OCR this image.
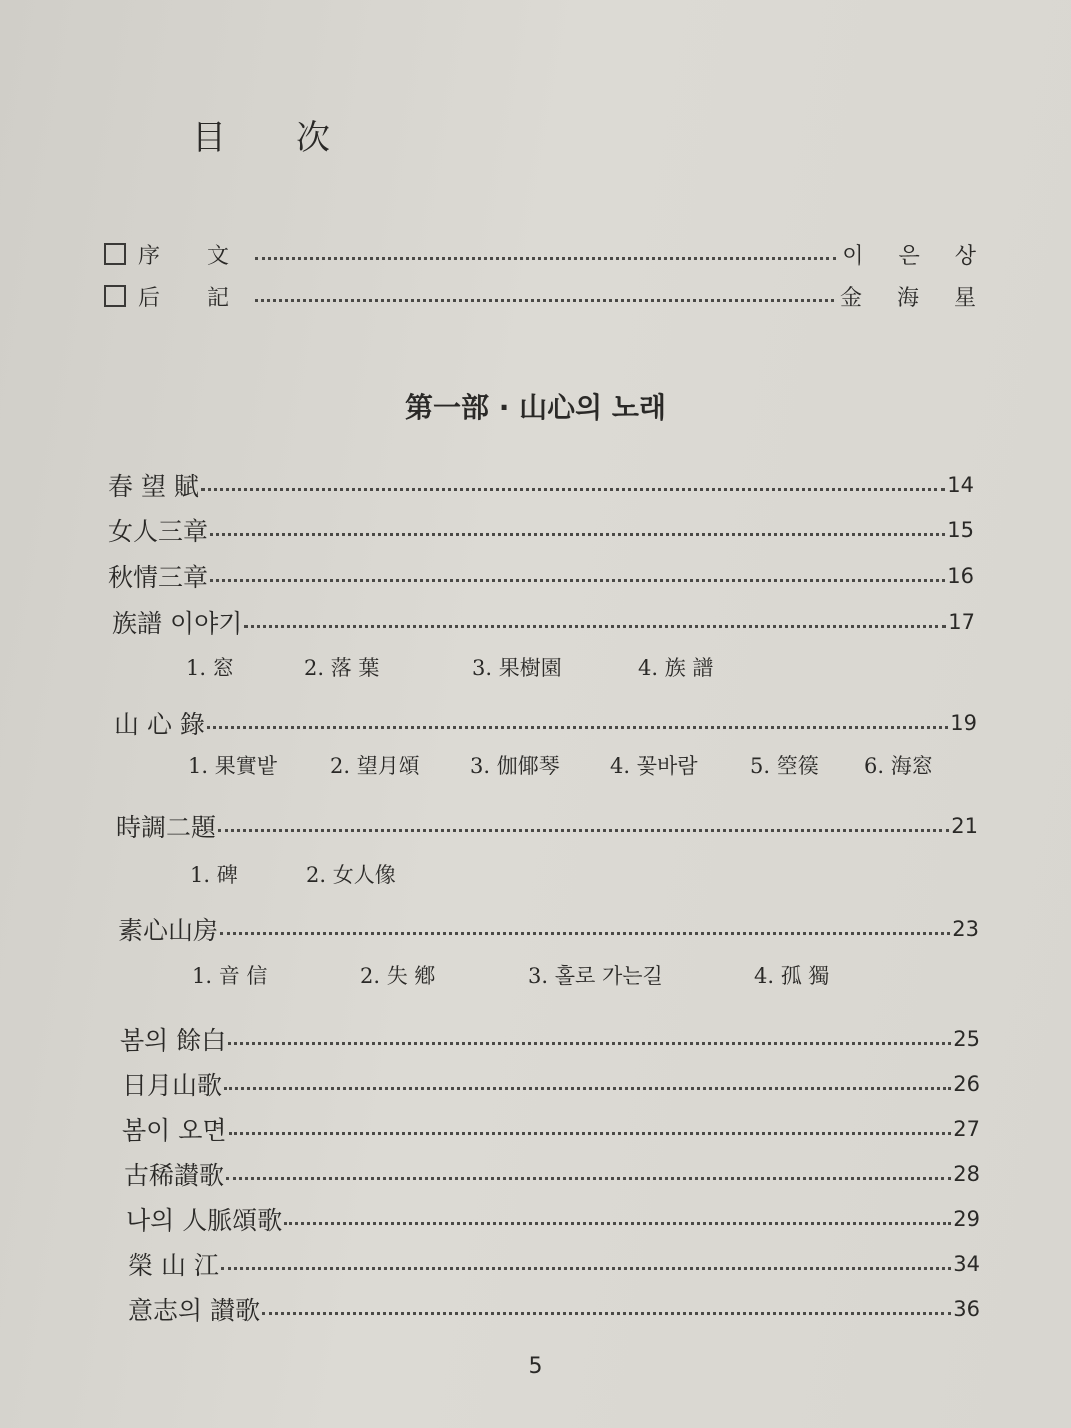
目 次
序 文	이 은 상
后 記	金 海 星
第一部 · 山心의 노래
春 望 賦	14
女人三章	15
秋情三章	16
族譜 이야기	17
1. 窓	2. 落 葉	3. 果樹園	4. 族 譜
山 心 錄	19
1. 果實밭	2. 望月頌	3. 伽倻琴	4. 꽃바람	5. 箜篌	6. 海窓
時調二題	21
1. 碑	2. 女人像
素心山房	23
1. 音 信	2. 失 鄕	3. 홀로 가는길	4. 孤 獨
봄의 餘白	25
日月山歌	26
봄이 오면	27
古稀讃歌	28
나의 人脈頌歌	29
榮 山 江	34
意志의 讃歌	36
5
